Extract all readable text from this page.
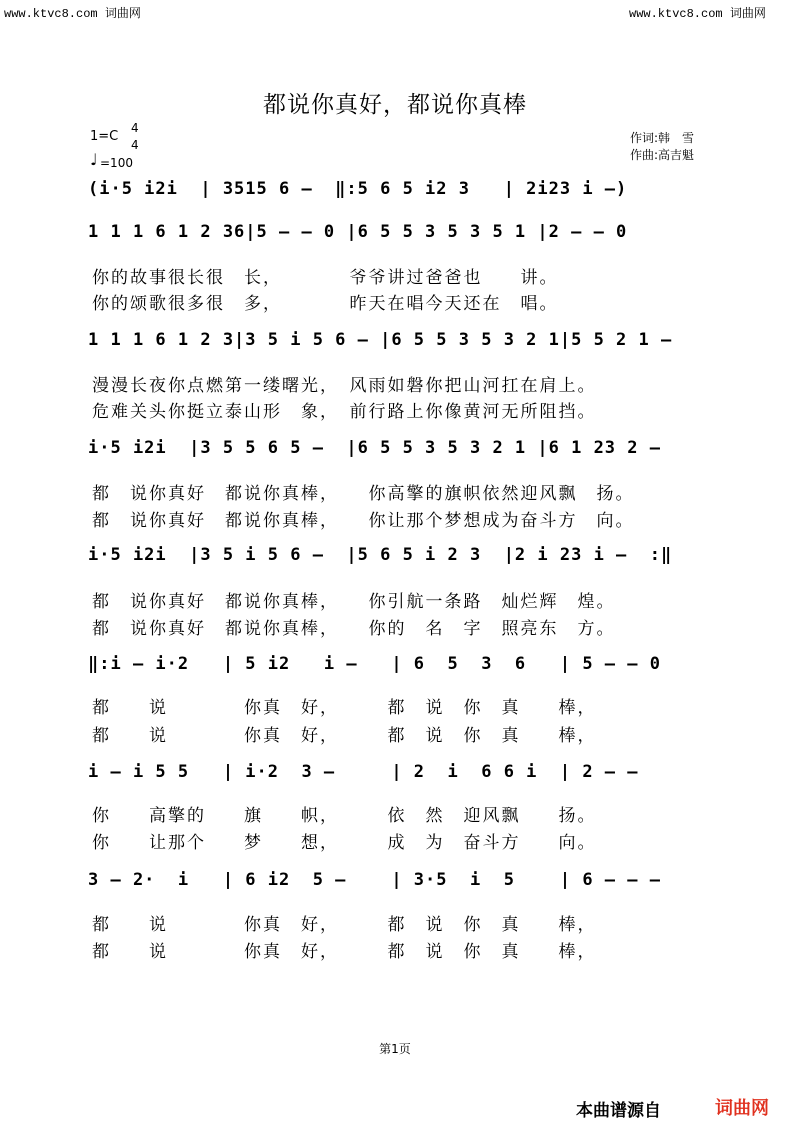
www.ktvc8.com 词曲网	www.ktvc8.com 词曲网
都说你真好，都说你真棒
1=C
4
4
♩ =100
作词:韩　雪
作曲:高吉魁
(i·5 i2i  | 3515 6 –  ‖:5 6 5 i2 3   | 2i23 i –)
1 1 1 6 1 2 36|5 – – 0 |6 5 5 3 5 3 5 1 |2 – – 0
1 1 1 6 1 2 3|3 5 i 5 6 – |6 5 5 3 5 3 2 1|5 5 2 1 –
i·5 i2i  |3 5 5 6 5 –  |6 5 5 3 5 3 2 1 |6 1 23 2 –
i·5 i2i  |3 5 i 5 6 –  |5 6 5 i 2 3  |2 i 23 i –  :‖
‖:i – i·2   | 5 i2   i –   | 6  5  3  6   | 5 – – 0
i – i 5 5   | i·2  3 –     | 2  i  6 6 i  | 2 – –
3 – 2·  i   | 6 i2  5 –    | 3·5  i  5    | 6 – – –
你的故事很长很　长，　　　　爷爷讲过爸爸也　　讲。
你的颂歌很多很　多，　　　　昨天在唱今天还在　唱。
漫漫长夜你点燃第一缕曙光，　风雨如磐你把山河扛在肩上。
危难关头你挺立泰山形　象，　前行路上你像黄河无所阻挡。
都　说你真好　都说你真棒，　　你高擎的旗帜依然迎风飘　扬。
都　说你真好　都说你真棒，　　你让那个梦想成为奋斗方　向。
都　说你真好　都说你真棒，　　你引航一条路　灿烂辉　煌。
都　说你真好　都说你真棒，　　你的　名　字　照亮东　方。
都　　说　　　　你真　好，　　　都　说　你　真　　棒，
都　　说　　　　你真　好，　　　都　说　你　真　　棒，
你　　高擎的　　旗　　帜，　　　依　然　迎风飘　　扬。
你　　让那个　　梦　　想，　　　成　为　奋斗方　　向。
都　　说　　　　你真　好，　　　都　说　你　真　　棒，
都　　说　　　　你真　好，　　　都　说　你　真　　棒，
第1页
本曲谱源自	词曲网
